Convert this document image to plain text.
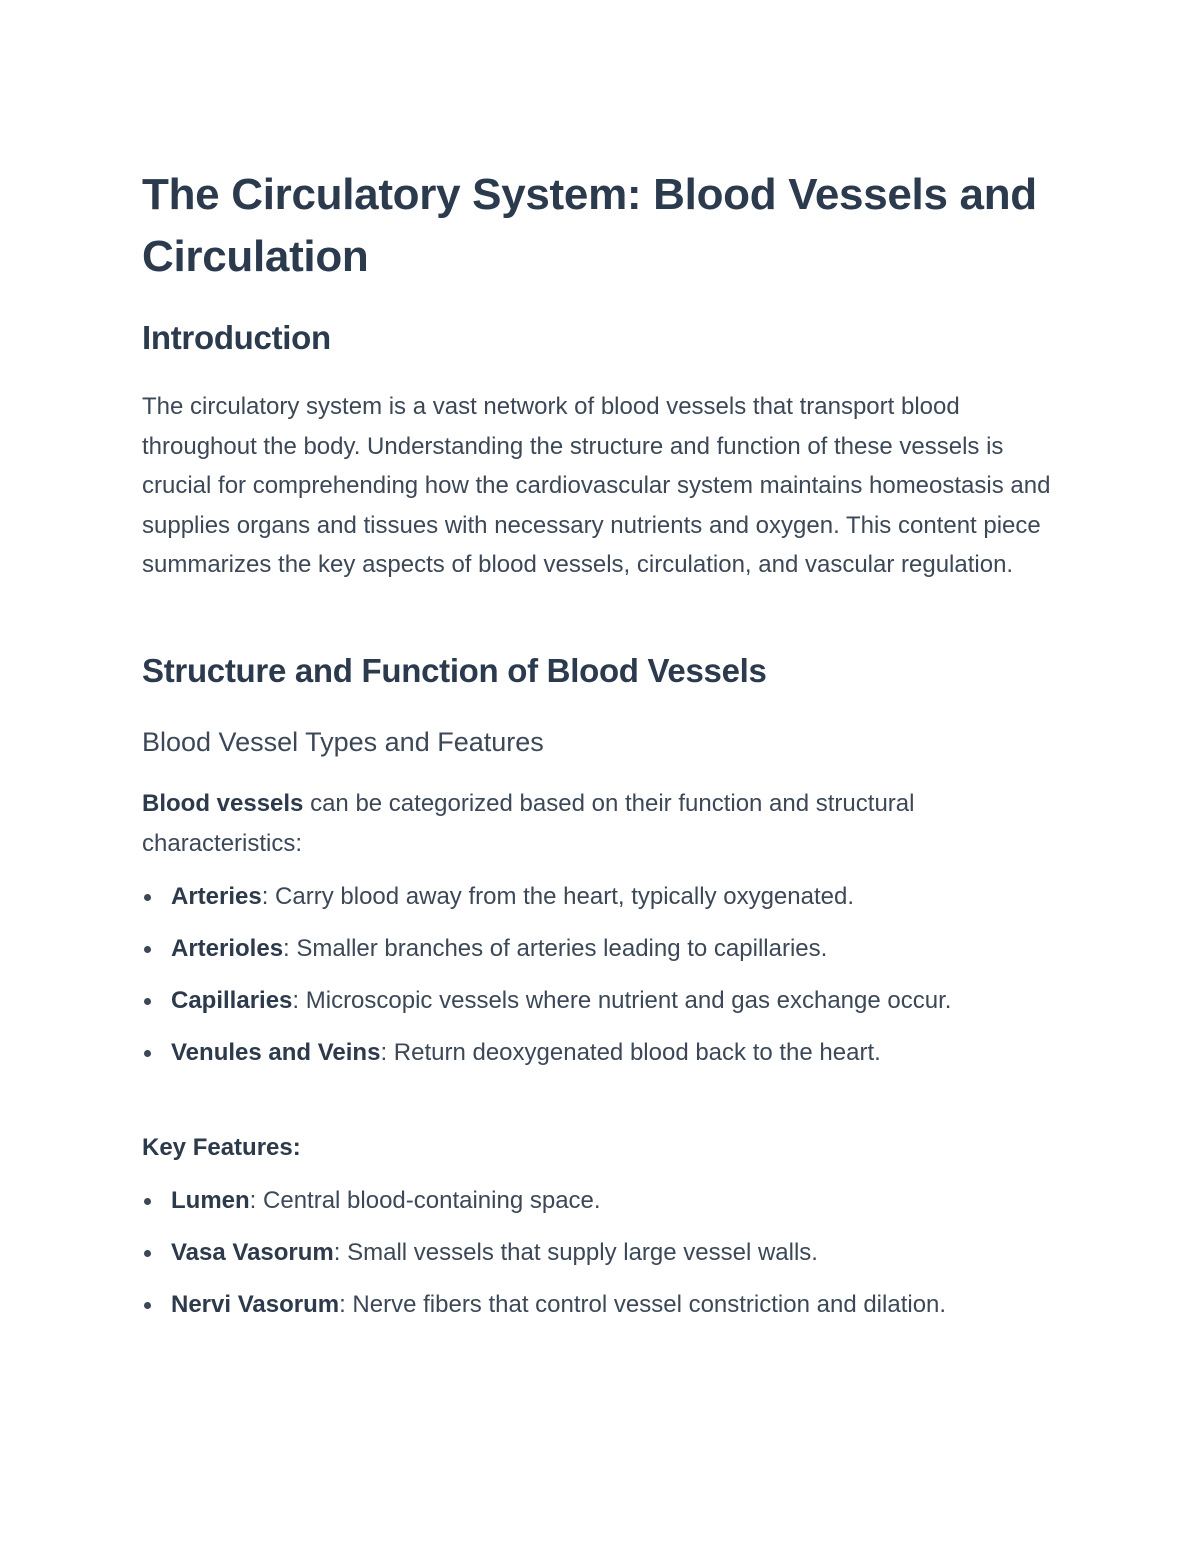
The Circulatory System: Blood Vessels and Circulation
Introduction

The circulatory system is a vast network of blood vessels that transport blood throughout the body. Understanding the structure and function of these vessels is crucial for comprehending how the cardiovascular system maintains homeostasis and supplies organs and tissues with necessary nutrients and oxygen. This content piece summarizes the key aspects of blood vessels, circulation, and vascular regulation.

Structure and Function of Blood Vessels
Blood Vessel Types and Features

Blood vessels can be categorized based on their function and structural characteristics:

Arteries: Carry blood away from the heart, typically oxygenated.
Arterioles: Smaller branches of arteries leading to capillaries.
Capillaries: Microscopic vessels where nutrient and gas exchange occur.
Venules and Veins: Return deoxygenated blood back to the heart.

Key Features:

Lumen: Central blood-containing space.
Vasa Vasorum: Small vessels that supply large vessel walls.
Nervi Vasorum: Nerve fibers that control vessel constriction and dilation.
